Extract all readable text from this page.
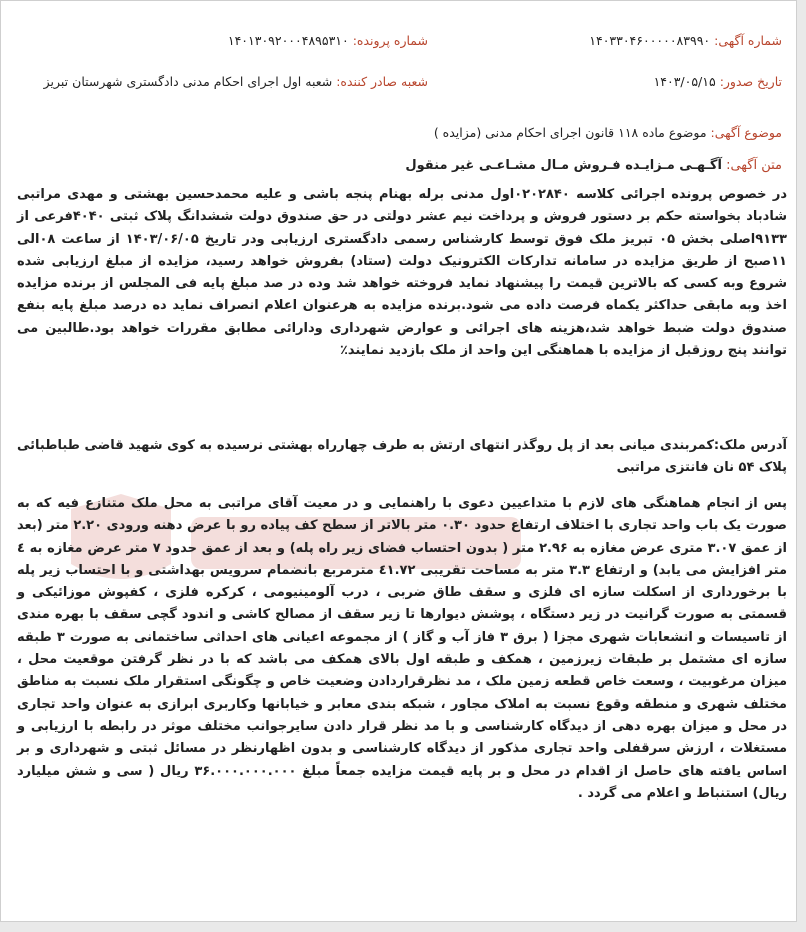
شماره آگهی: ۱۴۰۳۳۰۴۶۰۰۰۰۰۸۳۹۹۰
شماره پرونده: ۱۴۰۱۳۰۹۲۰۰۰۴۸۹۵۳۱۰
تاریخ صدور: ۱۴۰۳/۰۵/۱۵
شعبه صادر کننده: شعبه اول اجرای احکام مدنی دادگستری شهرستان تبریز
موضوع آگهی: موضوع ماده ۱۱۸ قانون اجرای احکام مدنی (مزایده )
متن آگهی: آگـهـی مـزایـده فـروش مـال مشـاعـی غیر منقول

در خصوص پرونده اجرائی کلاسه ۰۲۰۲۸۴۰اول مدنی برله بهنام پنجه باشی و علیه محمدحسین بهشتی و مهدی مراتبی شادباد بخواسته حکم بر دستور فروش و پرداخت نیم عشر دولتی در حق صندوق دولت ششدانگ پلاک ثبتی ۴۰۴۰فرعی از ۹۱۳۳اصلی بخش ۰۵ تبریز ملک فوق توسط کارشناس رسمی دادگستری ارزیابی ودر تاریخ ۱۴۰۳/۰۶/۰۵ از ساعت ۰۸الی ۱۱صبح از طریق مزایده در سامانه تدارکات الکترونیک دولت (ستاد) بفروش خواهد رسید، مزایده از مبلغ ارزیابی شده شروع وبه کسی که بالاترین قیمت را پیشنهاد نماید فروخته خواهد شد وده در صد مبلغ پایه فی المجلس از برنده مزایده اخذ وبه مابقی حداکثر یکماه فرصت داده می شود.برنده مزایده به هرعنوان اعلام انصراف نماید ده درصد مبلغ پایه بنفع صندوق دولت ضبط خواهد شد،هزینه های اجرائی و عوارض شهرداری ودارائی مطابق مقررات خواهد بود.طالبین می توانند پنج روزقبل از مزایده با هماهنگی این واحد از ملک بازدید نمایند٪

آدرس ملک:کمربندی میانی بعد از پل روگذر انتهای ارتش به طرف چهارراه بهشتی نرسیده به کوی شهید قاضی طباطبائی پلاک ۵۴ نان فانتزی مراتبی

پس از انجام هماهنگی های لازم با متداعیین دعوی با راهنمایی و در معیت آقای مراتبی به محل ملک متنازع فیه که به صورت یک باب واحد تجاری با اختلاف ارتفاع حدود ۰.۳۰ متر بالاتر از سطح کف پیاده رو با عرض دهنه ورودی ۲.۲۰ متر (بعد از عمق ۳.۰۷ متری عرض مغازه به ۲.۹۶ متر ( بدون احتساب فضای زیر راه پله) و بعد از عمق حدود ۷ متر عرض مغازه به ٤ متر افزایش می یابد) و ارتفاع ۳.۳ متر به مساحت تقریبی ٤۱.۷۲ مترمربع بانضمام سرویس بهداشتی و با احتساب زیر پله با برخورداری از اسکلت سازه ای فلزی و سقف طاق ضربی ، درب آلومینیومی ، کرکره فلزی ، کفپوش موزائیکی و قسمتی به صورت گرانیت در زیر دستگاه ، پوشش دیوارها تا زیر سقف از مصالح کاشی و اندود گچی سقف با بهره مندی از تاسیسات و انشعابات شهری مجزا ( برق ۳ فاز آب و گاز ) از مجموعه اعیانی های احداثی ساختمانی به صورت ۳ طبقه سازه ای مشتمل بر طبقات زیرزمین ، همکف و طبقه اول بالای همکف می باشد که با در نظر گرفتن موقعیت محل ، میزان مرغوبیت ، وسعت خاص قطعه زمین ملک ، مد نظرقراردادن وضعیت خاص و چگونگی استقرار ملک نسبت به مناطق مختلف شهری و منطقه وقوع نسبت به املاک مجاور ، شبکه بندی معابر و خیابانها وکاربری ابرازی به عنوان واحد تجاری در محل و میزان بهره دهی از دیدگاه کارشناسی و با مد نظر قرار دادن سایرجوانب مختلف موثر در رابطه با ارزیابی و مستغلات ، ارزش سرقفلی واحد تجاری مذکور از دیدگاه کارشناسی و بدون اظهارنظر در مسائل ثبتی و شهرداری و بر اساس یافته های حاصل از اقدام در محل و بر پایه قیمت مزایده جمعاً مبلغ ۳۶.۰۰۰.۰۰۰.۰۰۰ ریال ( سی و شش میلیارد ریال) استنباط و اعلام می گردد .
